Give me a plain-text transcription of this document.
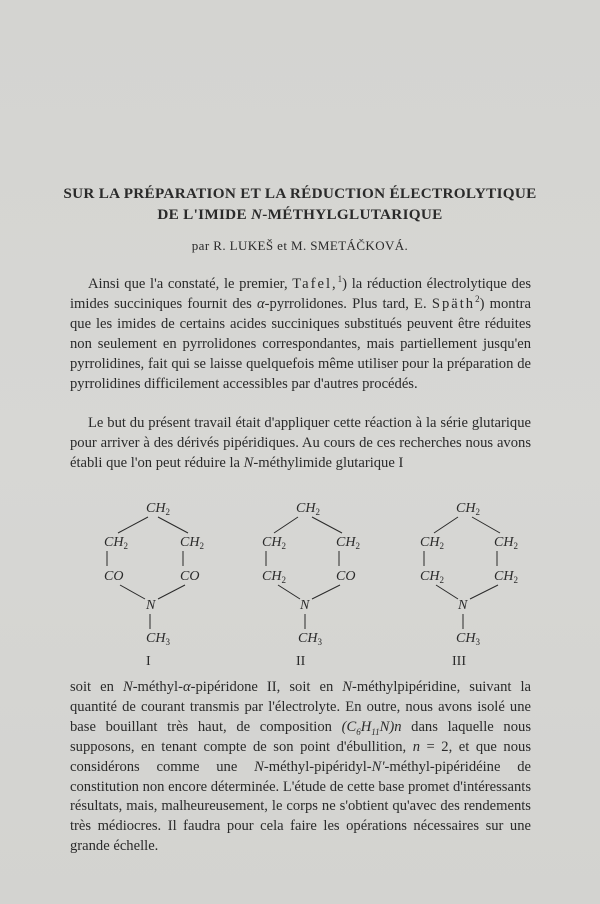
SUR LA PRÉPARATION ET LA RÉDUCTION ÉLECTROLYTIQUE
DE L'IMIDE N-MÉTHYLGLUTARIQUE
par R. LUKEŠ et M. SMETÁČKOVÁ.

Ainsi que l'a constaté, le premier, Tafel,$^1$) la réduction électrolytique des imides succiniques fournit des α-pyrrolidones. Plus tard, E. Späth$^2$) montra que les imides de certains acides succiniques substitués peuvent être réduites non seulement en pyrrolidones correspondantes, mais partiellement jusqu'en pyrrolidines, fait qui se laisse quelquefois même utiliser pour la préparation de pyrrolidines difficilement accessibles par d'autres procédés.

Le but du présent travail était d'appliquer cette réaction à la série glutarique pour arriver à des dérivés pipéridiques. Au cours de ces recherches nous avons établi que l'on peut réduire la N-méthylimide glutarique I

$CH_2$
$CH_2$	$CH_2$
CO	CO
N
$CH_3$
I
$CH_2$
$CH_2$	$CH_2$
$CH_2$	CO
N
$CH_3$
II
$CH_2$
$CH_2$	$CH_2$
$CH_2$	$CH_2$
N
$CH_3$
III

soit en N-méthyl-α-pipéridone II, soit en N-méthylpipéridine, suivant la quantité de courant transmis par l'électrolyte. En outre, nous avons isolé une base bouillant très haut, de composition $(C_6H_{11}N)n$ dans laquelle nous supposons, en tenant compte de son point d'ébullition, n = 2, et que nous considérons comme une N-méthyl-pipéridyl-N'-méthyl-pipéridéine de constitution non encore déterminée. L'étude de cette base promet d'intéressants résultats, mais, malheureusement, le corps ne s'obtient qu'avec des rendements très médiocres. Il faudra pour cela faire les opérations nécessaires sur une grande échelle.
